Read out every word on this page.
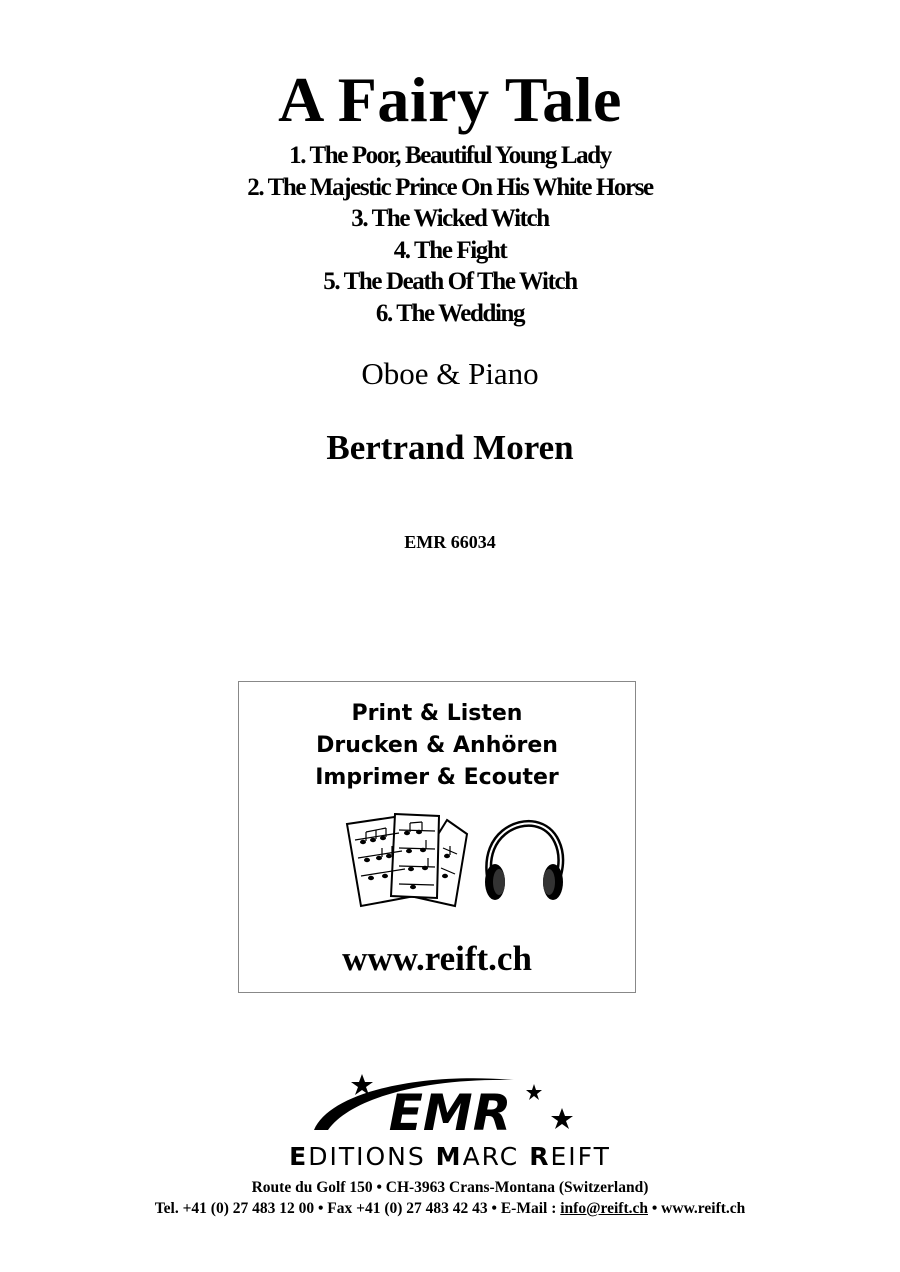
A Fairy Tale
1. The Poor, Beautiful Young Lady
2. The Majestic Prince On His White Horse
3. The Wicked Witch
4. The Fight
5. The Death Of The Witch
6. The Wedding
Oboe & Piano
Bertrand Moren
EMR 66034
Print & Listen
Drucken & Anhören
Imprimer & Ecouter
www.reift.ch
EMR
EDITIONS MARC REIFT
Route du Golf 150 • CH-3963 Crans-Montana (Switzerland)
Tel. +41 (0) 27 483 12 00 • Fax +41 (0) 27 483 42 43 • E-Mail : info@reift.ch • www.reift.ch
